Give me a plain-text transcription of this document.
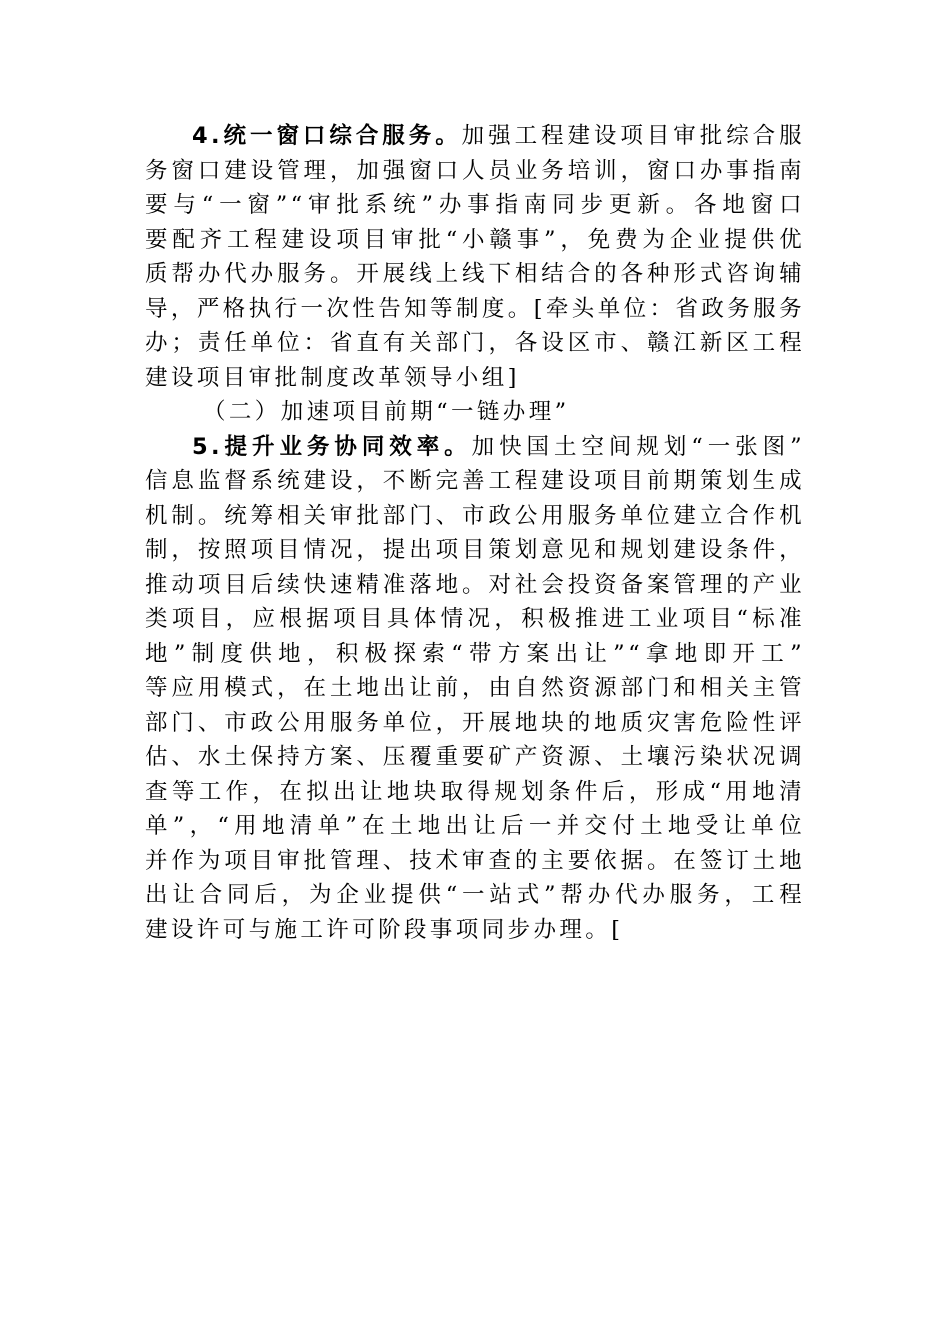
4.统一窗口综合服务。加强工程建设项目审批综合服
务窗口建设管理，加强窗口人员业务培训，窗口办事指南
要与“一窗”“审批系统”办事指南同步更新。各地窗口
要配齐工程建设项目审批“小赣事”，免费为企业提供优
质帮办代办服务。开展线上线下相结合的各种形式咨询辅
导，严格执行一次性告知等制度。[牵头单位：省政务服务
办；责任单位：省直有关部门，各设区市、赣江新区工程
建设项目审批制度改革领导小组]
（二）加速项目前期“一链办理”
5.提升业务协同效率。加快国土空间规划“一张图”
信息监督系统建设，不断完善工程建设项目前期策划生成
机制。统筹相关审批部门、市政公用服务单位建立合作机
制，按照项目情况，提出项目策划意见和规划建设条件，
推动项目后续快速精准落地。对社会投资备案管理的产业
类项目，应根据项目具体情况，积极推进工业项目“标准
地”制度供地，积极探索“带方案出让”“拿地即开工”
等应用模式，在土地出让前，由自然资源部门和相关主管
部门、市政公用服务单位，开展地块的地质灾害危险性评
估、水土保持方案、压覆重要矿产资源、土壤污染状况调
查等工作，在拟出让地块取得规划条件后，形成“用地清
单”，“用地清单”在土地出让后一并交付土地受让单位
并作为项目审批管理、技术审查的主要依据。在签订土地
出让合同后，为企业提供“一站式”帮办代办服务，工程
建设许可与施工许可阶段事项同步办理。[
